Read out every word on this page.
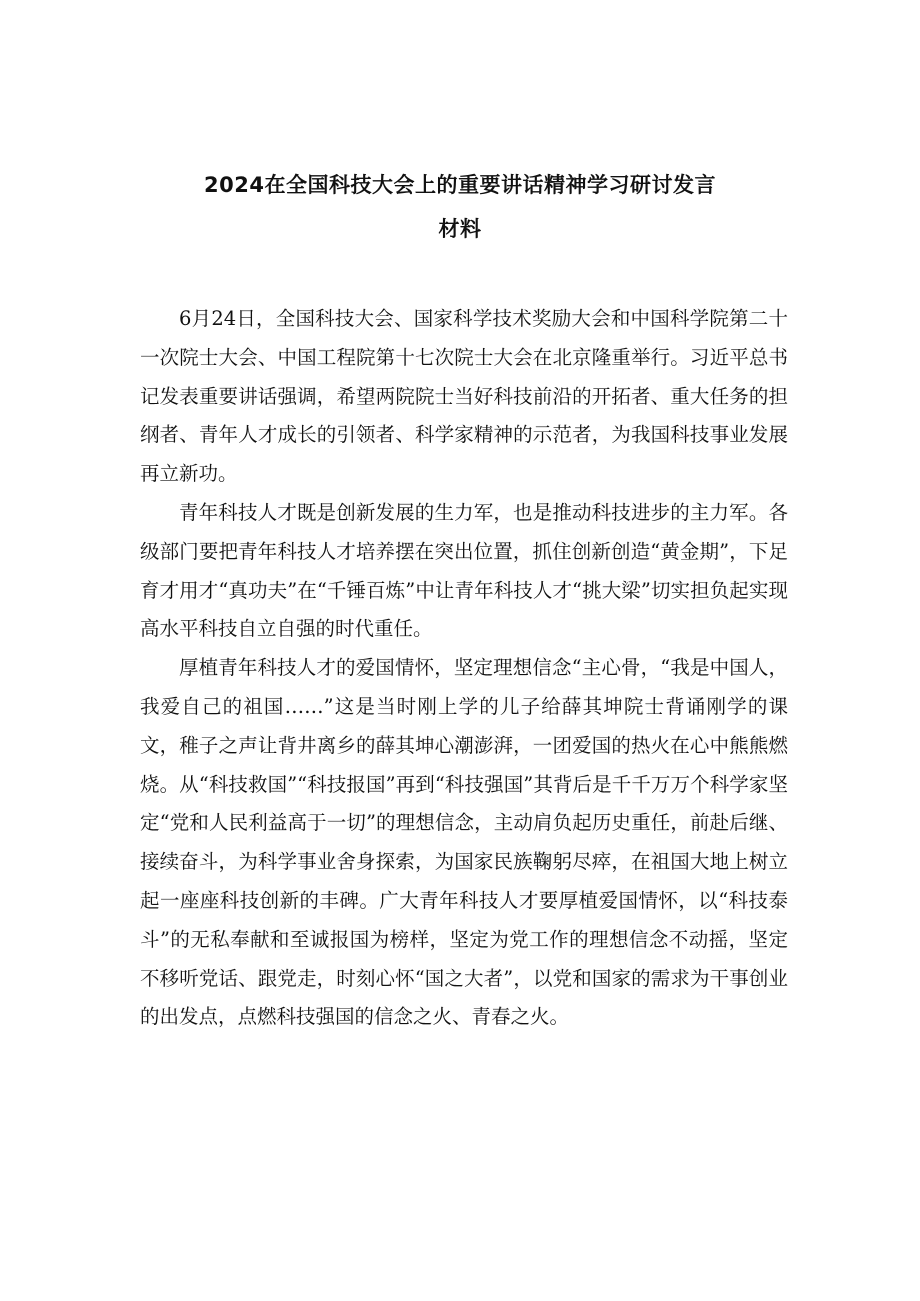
2024在全国科技大会上的重要讲话精神学习研讨发言
材料

6月24日，全国科技大会、国家科学技术奖励大会和中国科学院第二十一次院士大会、中国工程院第十七次院士大会在北京隆重举行。习近平总书记发表重要讲话强调，希望两院院士当好科技前沿的开拓者、重大任务的担纲者、青年人才成长的引领者、科学家精神的示范者，为我国科技事业发展再立新功。

青年科技人才既是创新发展的生力军，也是推动科技进步的主力军。各级部门要把青年科技人才培养摆在突出位置，抓住创新创造“黄金期”，下足育才用才“真功夫”在“千锤百炼”中让青年科技人才“挑大梁”切实担负起实现高水平科技自立自强的时代重任。

厚植青年科技人才的爱国情怀，坚定理想信念“主心骨，“我是中国人，我爱自己的祖国……”这是当时刚上学的儿子给薛其坤院士背诵刚学的课文，稚子之声让背井离乡的薛其坤心潮澎湃，一团爱国的热火在心中熊熊燃烧。从“科技救国”“科技报国”再到“科技强国”其背后是千千万万个科学家坚定“党和人民利益高于一切”的理想信念，主动肩负起历史重任，前赴后继、接续奋斗，为科学事业舍身探索，为国家民族鞠躬尽瘁，在祖国大地上树立起一座座科技创新的丰碑。广大青年科技人才要厚植爱国情怀，以“科技泰斗”的无私奉献和至诚报国为榜样，坚定为党工作的理想信念不动摇，坚定不移听党话、跟党走，时刻心怀“国之大者”，以党和国家的需求为干事创业的出发点，点燃科技强国的信念之火、青春之火。
